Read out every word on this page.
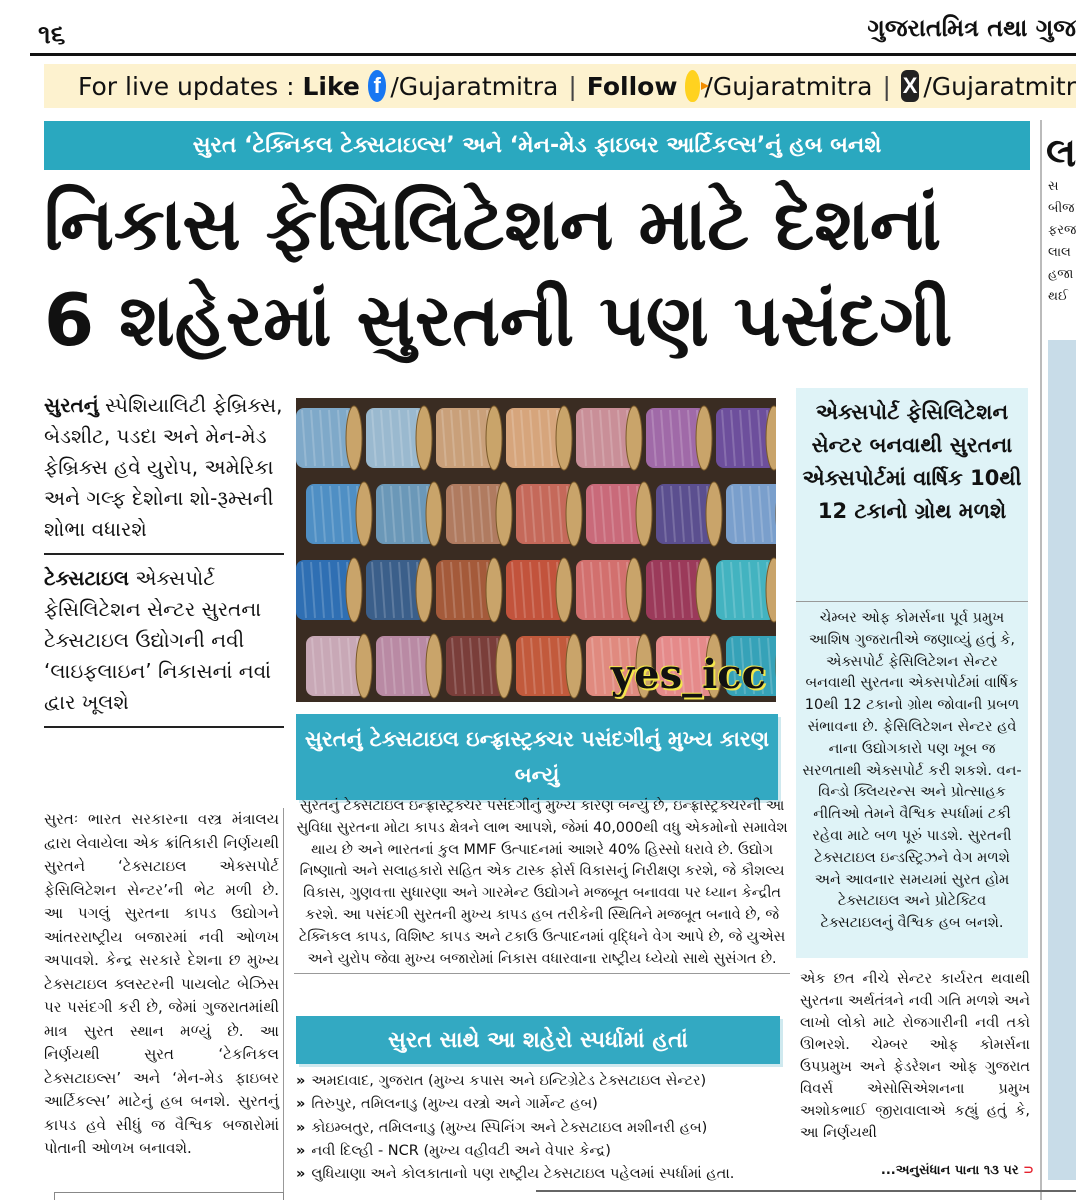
૧૬	ગુજરાતમિત્ર તથા ગુજ
For live updates :
Like f /Gujaratmitra | Follow /Gujaratmitra | X /Gujaratmitr
સુરત ‘ટેક્નિકલ ટેક્સટાઇલ્સ’ અને ‘મેન-મેડ ફાઇબર આર્ટિકલ્સ’નું હબ બનશે
નિકાસ ફેસિલિટેશન માટે દેશનાં
6 શહેરમાં સુરતની પણ પસંદગી
લ
સ
બીજ
ફરજ
લાલ
હજા
થઈ

સુરતનું સ્પેશિયાલિટી ફેબ્રિક્સ, બેડશીટ, પડદા અને મેન-મેડ ફેબ્રિક્સ હવે યુરોપ, અમેરિકા અને ગલ્ફ દેશોના શો-રૂમ્સની શોભા વધારશે

ટેક્સટાઇલ એક્સપોર્ટ ફેસિલિટેશન સેન્ટર સુરતના ટેક્સટાઇલ ઉદ્યોગની નવી ‘લાઇફલાઇન’ નિકાસનાં નવાં દ્વાર ખૂલશે

સુરતઃ ભારત સરકારના વસ્ત્ર મંત્રાલય દ્વારા લેવાયેલા એક ક્રાંતિકારી નિર્ણયથી સુરતને ‘ટેક્સટાઇલ એક્સપોર્ટ ફેસિલિટેશન સેન્ટર’ની ભેટ મળી છે. આ પગલું સુરતના કાપડ ઉદ્યોગને આંતરરાષ્ટ્રીય બજારમાં નવી ઓળખ અપાવશે. કેન્દ્ર સરકારે દેશના છ મુખ્ય ટેક્સટાઇલ ક્લસ્ટરની પાયલોટ બેઝિસ પર પસંદગી કરી છે, જેમાં ગુજરાતમાંથી માત્ર સુરત સ્થાન મળ્યું છે. આ નિર્ણયથી સુરત ‘ટેકનિકલ ટેક્સટાઇલ્સ’ અને ‘મેન-મેડ ફાઇબર આર્ટિકલ્સ’ માટેનું હબ બનશે. સુરતનું કાપડ હવે સીધું જ વૈશ્વિક બજારોમાં પોતાની ઓળખ બનાવશે.
yes_icc
સુરતનું ટેક્સટાઇલ ઇન્ફ્રાસ્ટ્રક્ચર પસંદગીનું મુખ્ય કારણ બન્યું
સુરતનું ટેક્સટાઇલ ઇન્ફ્રાસ્ટ્રક્ચર પસંદગીનું મુખ્ય કારણ બન્યું છે, ઇન્ફ્રાસ્ટ્રક્ચરની આ સુવિધા સુરતના મોટા કાપડ ક્ષેત્રને લાભ આપશે, જેમાં 40,000થી વધુ એકમોનો સમાવેશ થાય છે અને ભારતનાં કુલ MMF ઉત્પાદનમાં આશરે 40% હિસ્સો ધરાવે છે. ઉદ્યોગ નિષ્ણાતો અને સલાહકારો સહિત એક ટાસ્ક ફોર્સ વિકાસનું નિરીક્ષણ કરશે, જે કૌશલ્ય વિકાસ, ગુણવત્તા સુધારણા અને ગારમેન્ટ ઉદ્યોગને મજબૂત બનાવવા પર ધ્યાન કેન્દ્રીત કરશે. આ પસંદગી સુરતની મુખ્ય કાપડ હબ તરીકેની સ્થિતિને મજબૂત બનાવે છે, જે ટેક્નિકલ કાપડ, વિશિષ્ટ કાપડ અને ટકાઉ ઉત્પાદનમાં વૃદ્ધિને વેગ આપે છે, જે યુએસ અને યુરોપ જેવા મુખ્ય બજારોમાં નિકાસ વધારવાના રાષ્ટ્રીય ધ્યેયો સાથે સુસંગત છે.
સુરત સાથે આ શહેરો સ્પર્ધામાં હતાં
» અમદાવાદ, ગુજરાત (મુખ્ય કપાસ અને ઇન્ટિગ્રેટેડ ટેક્સટાઇલ સેન્ટર)
» તિરુપુર, તમિલનાડુ (મુખ્ય વસ્ત્રો અને ગાર્મેન્ટ હબ)
» કોઇમ્બતુર, તમિલનાડુ (મુખ્ય સ્પિનિંગ અને ટેક્સટાઇલ મશીનરી હબ)
» નવી દિલ્હી - NCR (મુખ્ય વહીવટી અને વેપાર કેન્દ્ર)
» લુધિયાણા અને કોલકાતાનો પણ રાષ્ટ્રીય ટેક્સટાઇલ પહેલમાં સ્પર્ધામાં હતા.
એક્સપોર્ટ ફેસિલિટેશન સેન્ટર બનવાથી સુરતના એક્સપોર્ટમાં વાર્ષિક 10થી 12 ટકાનો ગ્રોથ મળશે
ચેમ્બર ઓફ કોમર્સના પૂર્વ પ્રમુખ આશિષ ગુજરાતીએ જણાવ્યું હતું કે, એક્સપોર્ટ ફેસિલિટેશન સેન્ટર બનવાથી સુરતના એક્સપોર્ટમાં વાર્ષિક 10થી 12 ટકાનો ગ્રોથ જોવાની પ્રબળ સંભાવના છે. ફેસિલિટેશન સેન્ટર હવે નાના ઉદ્યોગકારો પણ ખૂબ જ સરળતાથી એક્સપોર્ટ કરી શકશે. વન-વિન્ડો ક્લિયરન્સ અને પ્રોત્સાહક નીતિઓ તેમને વૈશ્વિક સ્પર્ધામાં ટકી રહેવા માટે બળ પૂરું પાડશે. સુરતની ટેક્સટાઇલ ઇન્ડસ્ટ્રિઝને વેગ મળશે અને આવનાર સમયમાં સુરત હોમ ટેક્સટાઇલ અને પ્રોટેક્ટિવ ટેક્સટાઇલનું વૈશ્વિક હબ બનશે.
એક છત નીચે સેન્ટર કાર્યરત થવાથી સુરતના અર્થતંત્રને નવી ગતિ મળશે અને લાખો લોકો માટે રોજગારીની નવી તકો ઊભરશે. ચેમ્બર ઓફ કોમર્સના ઉપપ્રમુખ અને ફેડરેશન ઓફ ગુજરાત વિવર્સ એસોસિએશનના પ્રમુખ અશોકભાઈ જીરાવાલાએ કહ્યું હતું કે, આ નિર્ણયથી
...અનુસંધાન પાના ૧૩ પર ⊃
